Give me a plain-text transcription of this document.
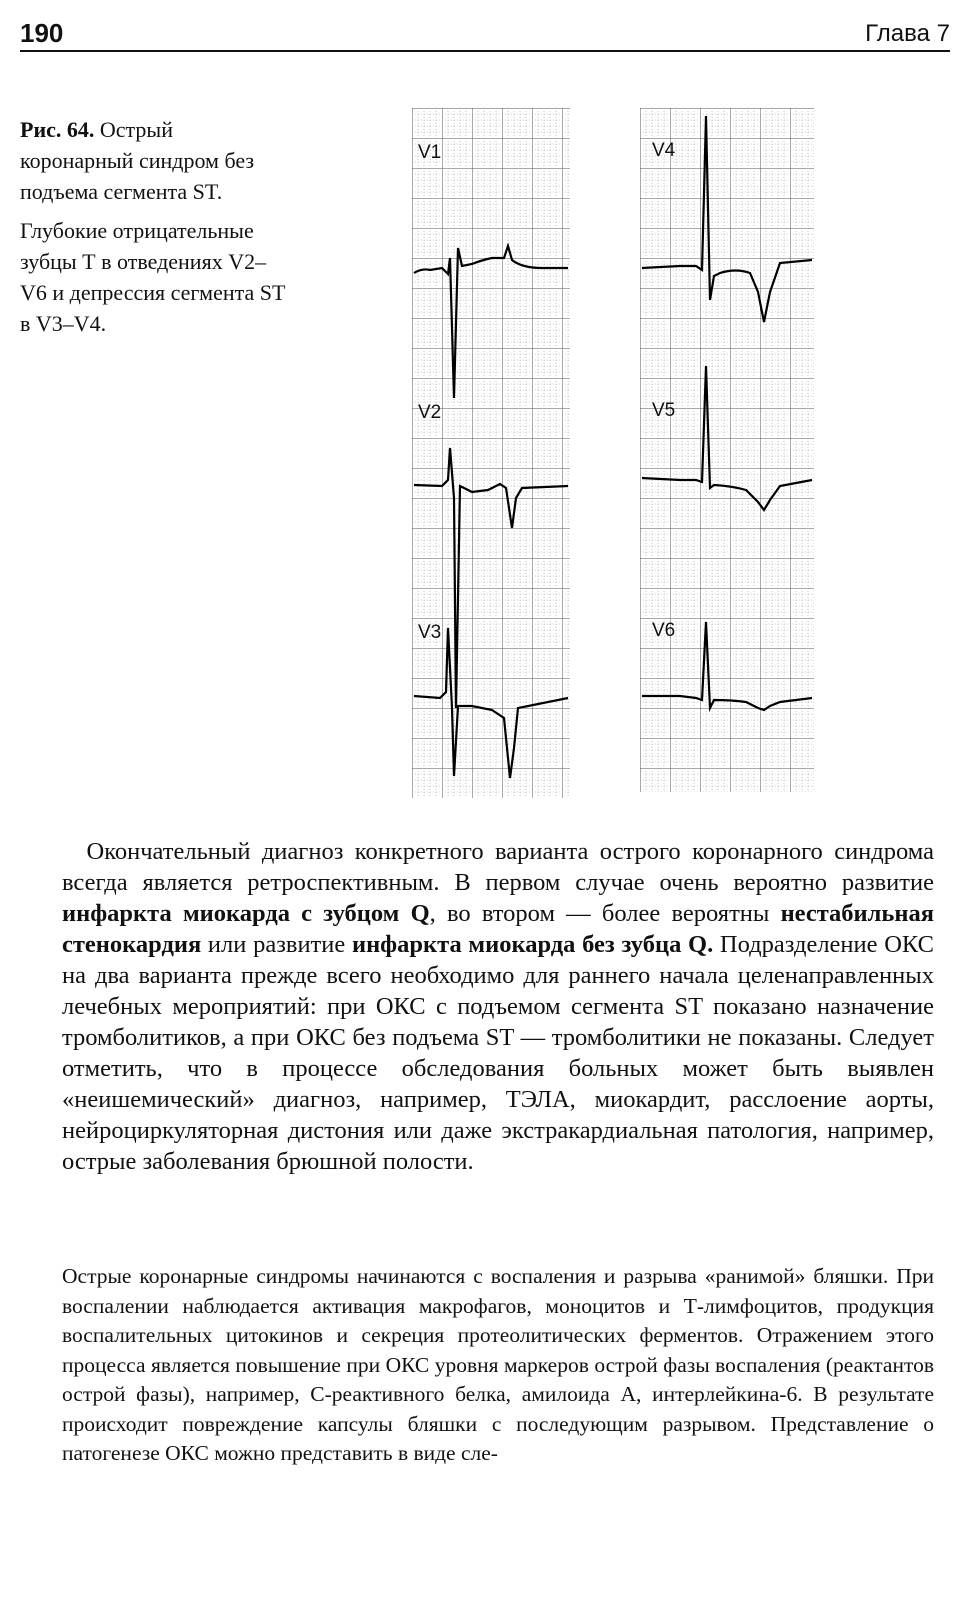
190	Глава 7

Рис. 64. Острый коронарный синдром без подъема сегмента ST.

Глубокие отрицательные зубцы Т в отведениях V2–V6 и депрессия сегмента ST в V3–V4.

V1
V2
V3
V4
V5
V6

 Окончательный диагноз конкретного варианта острого коронарного синдрома всегда является ретроспективным. В первом случае очень вероятно развитие инфаркта миокарда с зубцом Q, во втором — более вероятны нестабильная стенокардия или развитие инфаркта миокарда без зубца Q. Подразделение ОКС на два варианта прежде всего необходимо для раннего начала целенаправленных лечебных мероприятий: при ОКС с подъемом сегмента ST показано назначение тромболитиков, а при ОКС без подъема ST — тромболитики не показаны. Следует отметить, что в процессе обследования больных может быть выявлен «неишемический» диагноз, например, ТЭЛА, миокардит, расслоение аорты, нейроциркуляторная дистония или даже экстракардиальная патология, например, острые заболевания брюшной полости.

Острые коронарные синдромы начинаются с воспаления и разрыва «ранимой» бляшки. При воспалении наблюдается активация макрофагов, моноцитов и Т-лимфоцитов, продукция воспалительных цитокинов и секреция протеолитических ферментов. Отражением этого процесса является повышение при ОКС уровня маркеров острой фазы воспаления (реактантов острой фазы), например, С-реактивного белка, амилоида А, интерлейкина-6. В результате происходит повреждение капсулы бляшки с последующим разрывом. Представление о патогенезе ОКС можно представить в виде сле-
